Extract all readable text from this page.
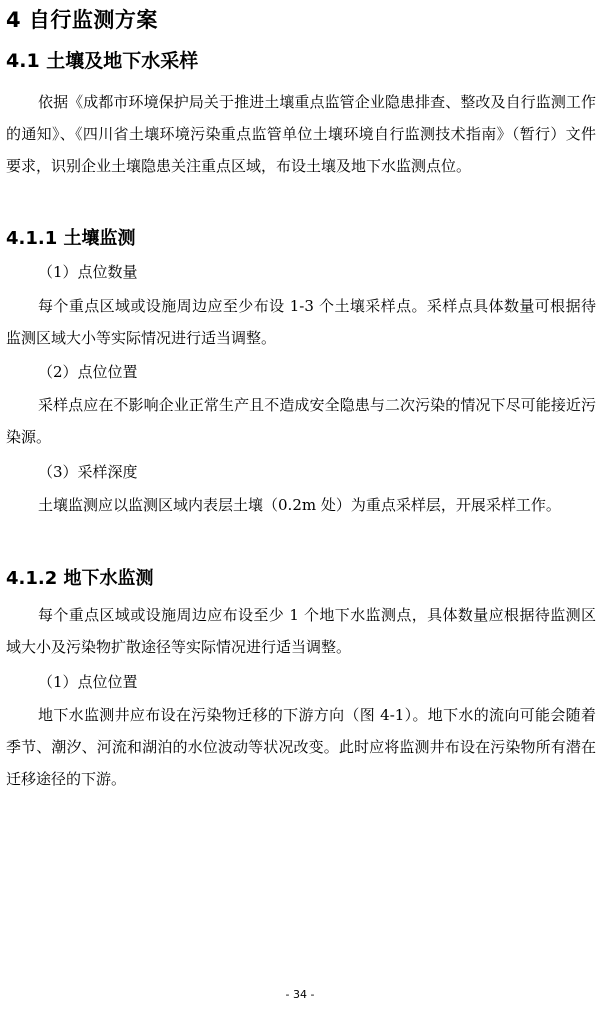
4 自行监测方案
4.1 土壤及地下水采样

依据《成都市环境保护局关于推进土壤重点监管企业隐患排查、整改及自行监测工作的通知》、《四川省土壤环境污染重点监管单位土壤环境自行监测技术指南》（暂行）文件要求，识别企业土壤隐患关注重点区域，布设土壤及地下水监测点位。

4.1.1 土壤监测
（1）点位数量

每个重点区域或设施周边应至少布设 1-3 个土壤采样点。采样点具体数量可根据待监测区域大小等实际情况进行适当调整。

（2）点位位置

采样点应在不影响企业正常生产且不造成安全隐患与二次污染的情况下尽可能接近污染源。

（3）采样深度

土壤监测应以监测区域内表层土壤（0.2m 处）为重点采样层，开展采样工作。

4.1.2 地下水监测

每个重点区域或设施周边应布设至少 1 个地下水监测点，具体数量应根据待监测区域大小及污染物扩散途径等实际情况进行适当调整。

（1）点位位置

地下水监测井应布设在污染物迁移的下游方向（图 4-1）。地下水的流向可能会随着季节、潮汐、河流和湖泊的水位波动等状况改变。此时应将监测井布设在污染物所有潜在迁移途径的下游。

- 34 -
